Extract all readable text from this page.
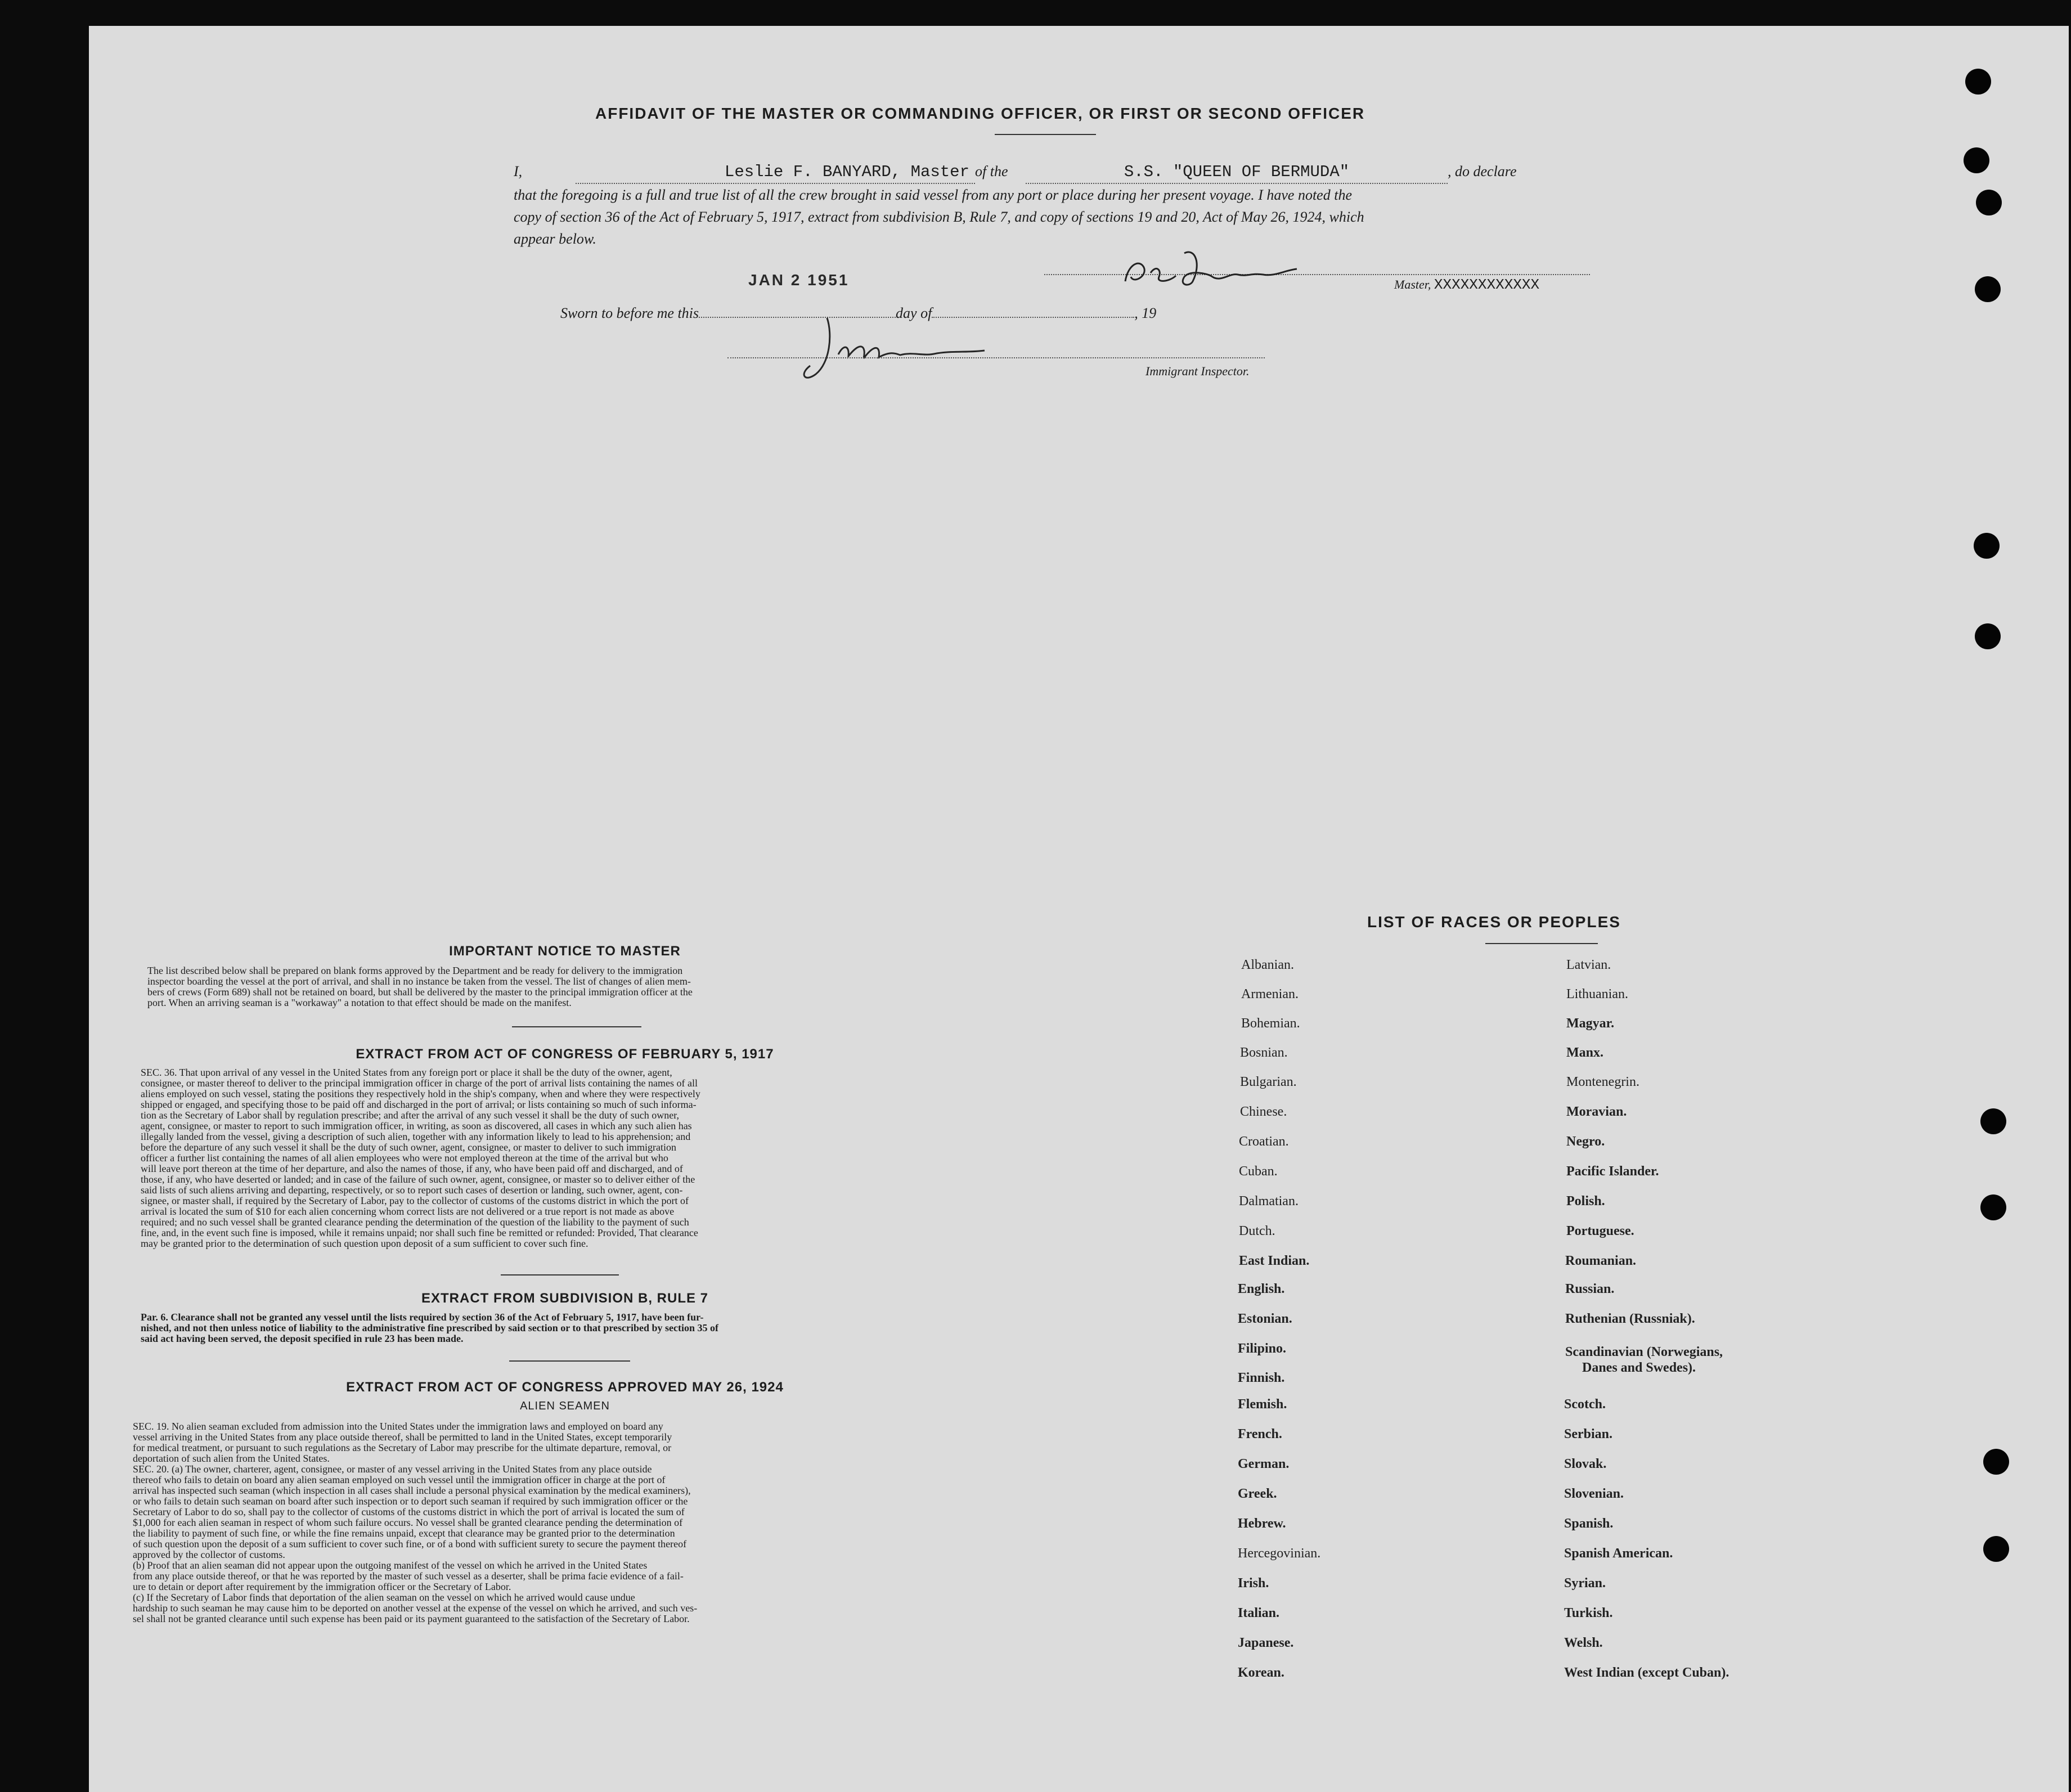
AFFIDAVIT OF THE MASTER OR COMMANDING OFFICER, OR FIRST OR SECOND OFFICER
I,	Leslie F. BANYARD, Master of the	S.S. "QUEEN OF BERMUDA"	, do declare
that the foregoing is a full and true list of all the crew brought in said vessel from any port or place during her present voyage. I have noted the
copy of section 36 of the Act of February 5, 1917, extract from subdivision B, Rule 7, and copy of sections 19 and 20, Act of May 26, 1924, which
appear below.
JAN 2 1951	Master, XXXXXXXXXXXX
Sworn to before me this	day of	, 19
Immigrant Inspector.
IMPORTANT NOTICE TO MASTER
The list described below shall be prepared on blank forms approved by the Department and be ready for delivery to the immigration
inspector boarding the vessel at the port of arrival, and shall in no instance be taken from the vessel. The list of changes of alien mem-
bers of crews (Form 689) shall not be retained on board, but shall be delivered by the master to the principal immigration officer at the
port. When an arriving seaman is a "workaway" a notation to that effect should be made on the manifest.
EXTRACT FROM ACT OF CONGRESS OF FEBRUARY 5, 1917
SEC. 36. That upon arrival of any vessel in the United States from any foreign port or place it shall be the duty of the owner, agent,
consignee, or master thereof to deliver to the principal immigration officer in charge of the port of arrival lists containing the names of all
aliens employed on such vessel, stating the positions they respectively hold in the ship's company, when and where they were respectively
shipped or engaged, and specifying those to be paid off and discharged in the port of arrival; or lists containing so much of such informa-
tion as the Secretary of Labor shall by regulation prescribe; and after the arrival of any such vessel it shall be the duty of such owner,
agent, consignee, or master to report to such immigration officer, in writing, as soon as discovered, all cases in which any such alien has
illegally landed from the vessel, giving a description of such alien, together with any information likely to lead to his apprehension; and
before the departure of any such vessel it shall be the duty of such owner, agent, consignee, or master to deliver to such immigration
officer a further list containing the names of all alien employees who were not employed thereon at the time of the arrival but who
will leave port thereon at the time of her departure, and also the names of those, if any, who have been paid off and discharged, and of
those, if any, who have deserted or landed; and in case of the failure of such owner, agent, consignee, or master so to deliver either of the
said lists of such aliens arriving and departing, respectively, or so to report such cases of desertion or landing, such owner, agent, con-
signee, or master shall, if required by the Secretary of Labor, pay to the collector of customs of the customs district in which the port of
arrival is located the sum of $10 for each alien concerning whom correct lists are not delivered or a true report is not made as above
required; and no such vessel shall be granted clearance pending the determination of the question of the liability to the payment of such
fine, and, in the event such fine is imposed, while it remains unpaid; nor shall such fine be remitted or refunded: Provided, That clearance
may be granted prior to the determination of such question upon deposit of a sum sufficient to cover such fine.
EXTRACT FROM SUBDIVISION B, RULE 7
Par. 6. Clearance shall not be granted any vessel until the lists required by section 36 of the Act of February 5, 1917, have been fur-
nished, and not then unless notice of liability to the administrative fine prescribed by said section or to that prescribed by section 35 of
said act having been served, the deposit specified in rule 23 has been made.
EXTRACT FROM ACT OF CONGRESS APPROVED MAY 26, 1924
ALIEN SEAMEN
SEC. 19. No alien seaman excluded from admission into the United States under the immigration laws and employed on board any
vessel arriving in the United States from any place outside thereof, shall be permitted to land in the United States, except temporarily
for medical treatment, or pursuant to such regulations as the Secretary of Labor may prescribe for the ultimate departure, removal, or
deportation of such alien from the United States.
SEC. 20. (a) The owner, charterer, agent, consignee, or master of any vessel arriving in the United States from any place outside
thereof who fails to detain on board any alien seaman employed on such vessel until the immigration officer in charge at the port of
arrival has inspected such seaman (which inspection in all cases shall include a personal physical examination by the medical examiners),
or who fails to detain such seaman on board after such inspection or to deport such seaman if required by such immigration officer or the
Secretary of Labor to do so, shall pay to the collector of customs of the customs district in which the port of arrival is located the sum of
$1,000 for each alien seaman in respect of whom such failure occurs. No vessel shall be granted clearance pending the determination of
the liability to payment of such fine, or while the fine remains unpaid, except that clearance may be granted prior to the determination
of such question upon the deposit of a sum sufficient to cover such fine, or of a bond with sufficient surety to secure the payment thereof
approved by the collector of customs.
(b) Proof that an alien seaman did not appear upon the outgoing manifest of the vessel on which he arrived in the United States
from any place outside thereof, or that he was reported by the master of such vessel as a deserter, shall be prima facie evidence of a fail-
ure to detain or deport after requirement by the immigration officer or the Secretary of Labor.
(c) If the Secretary of Labor finds that deportation of the alien seaman on the vessel on which he arrived would cause undue
hardship to such seaman he may cause him to be deported on another vessel at the expense of the vessel on which he arrived, and such ves-
sel shall not be granted clearance until such expense has been paid or its payment guaranteed to the satisfaction of the Secretary of Labor.
LIST OF RACES OR PEOPLES
Albanian.
Armenian.
Bohemian.
Bosnian.
Bulgarian.
Chinese.
Croatian.
Cuban.
Dalmatian.
Dutch.
East Indian.
English.
Estonian.
Filipino.
Finnish.
Flemish.
French.
German.
Greek.
Hebrew.
Hercegovinian.
Irish.
Italian.
Japanese.
Korean.
Latvian.
Lithuanian.
Magyar.
Manx.
Montenegrin.
Moravian.
Negro.
Pacific Islander.
Polish.
Portuguese.
Roumanian.
Russian.
Ruthenian (Russniak).
Scandinavian (Norwegians,
Danes and Swedes).
Scotch.
Serbian.
Slovak.
Slovenian.
Spanish.
Spanish American.
Syrian.
Turkish.
Welsh.
West Indian (except Cuban).
